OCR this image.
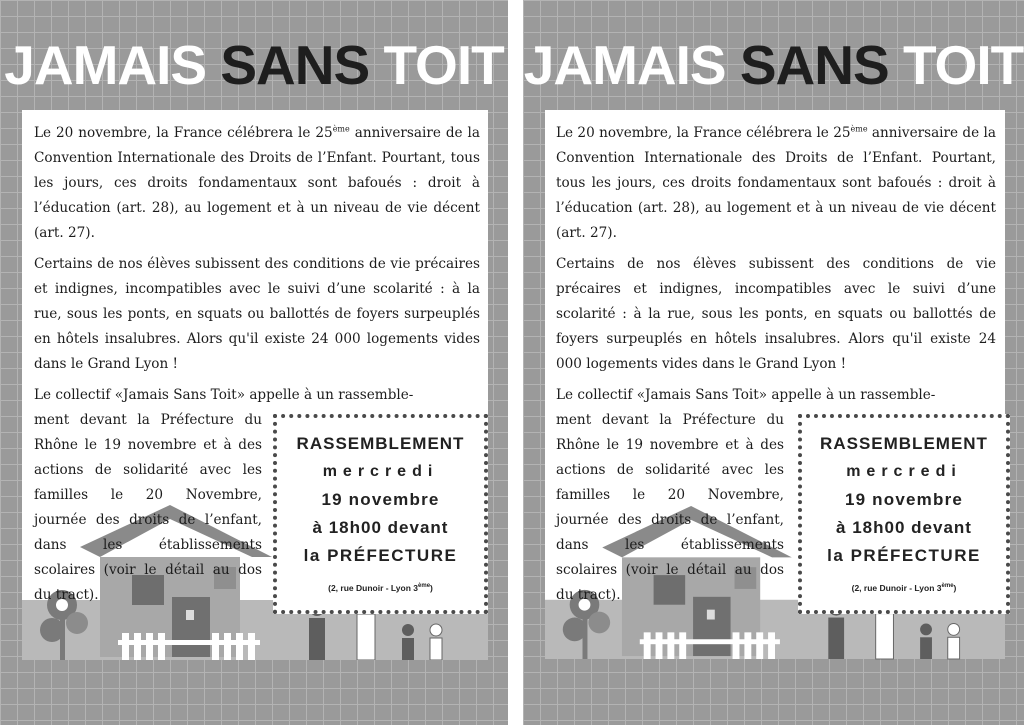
JAMAIS SANS TOIT

Le 20 novembre, la France célébrera le 25ème anniversaire de la Convention Internationale des Droits de l’Enfant. Pourtant, tous les jours, ces droits fondamentaux sont bafoués : droit à l’éducation (art. 28), au logement et à un niveau de vie décent (art. 27).

Certains de nos élèves subissent des conditions de vie précaires et indignes, incompatibles avec le suivi d’une scolarité : à la rue, sous les ponts, en squats ou ballottés de foyers surpeuplés en hôtels insalubres. Alors qu'il existe 24 000 logements vides dans le Grand Lyon !

Le collectif «Jamais Sans Toit» appelle à un rassemble-
ment devant la Préfecture du Rhône le 19 novembre et à des actions de solidarité avec les familles le 20 Novembre, journée des droits de l’enfant, dans les établissements scolaires (voir le détail au dos du tract).

RASSEMBLEMENT
mercredi
19 novembre
à 18h00 devant
la PRÉFECTURE
(2, rue Dunoir - Lyon 3ème)
JAMAIS SANS TOIT

Le 20 novembre, la France célébrera le 25ème anniversaire de la Convention Internationale des Droits de l’Enfant. Pourtant, tous les jours, ces droits fondamentaux sont bafoués : droit à l’éducation (art. 28), au logement et à un niveau de vie décent (art. 27).

Certains de nos élèves subissent des conditions de vie précaires et indignes, incompatibles avec le suivi d’une scolarité : à la rue, sous les ponts, en squats ou ballottés de foyers surpeuplés en hôtels insalubres. Alors qu'il existe 24 000 logements vides dans le Grand Lyon !

Le collectif «Jamais Sans Toit» appelle à un rassemble-
ment devant la Préfecture du Rhône le 19 novembre et à des actions de solidarité avec les familles le 20 Novembre, journée des droits de l’enfant, dans les établissements scolaires (voir le détail au dos du tract).

RASSEMBLEMENT
mercredi
19 novembre
à 18h00 devant
la PRÉFECTURE
(2, rue Dunoir - Lyon 3ème)
